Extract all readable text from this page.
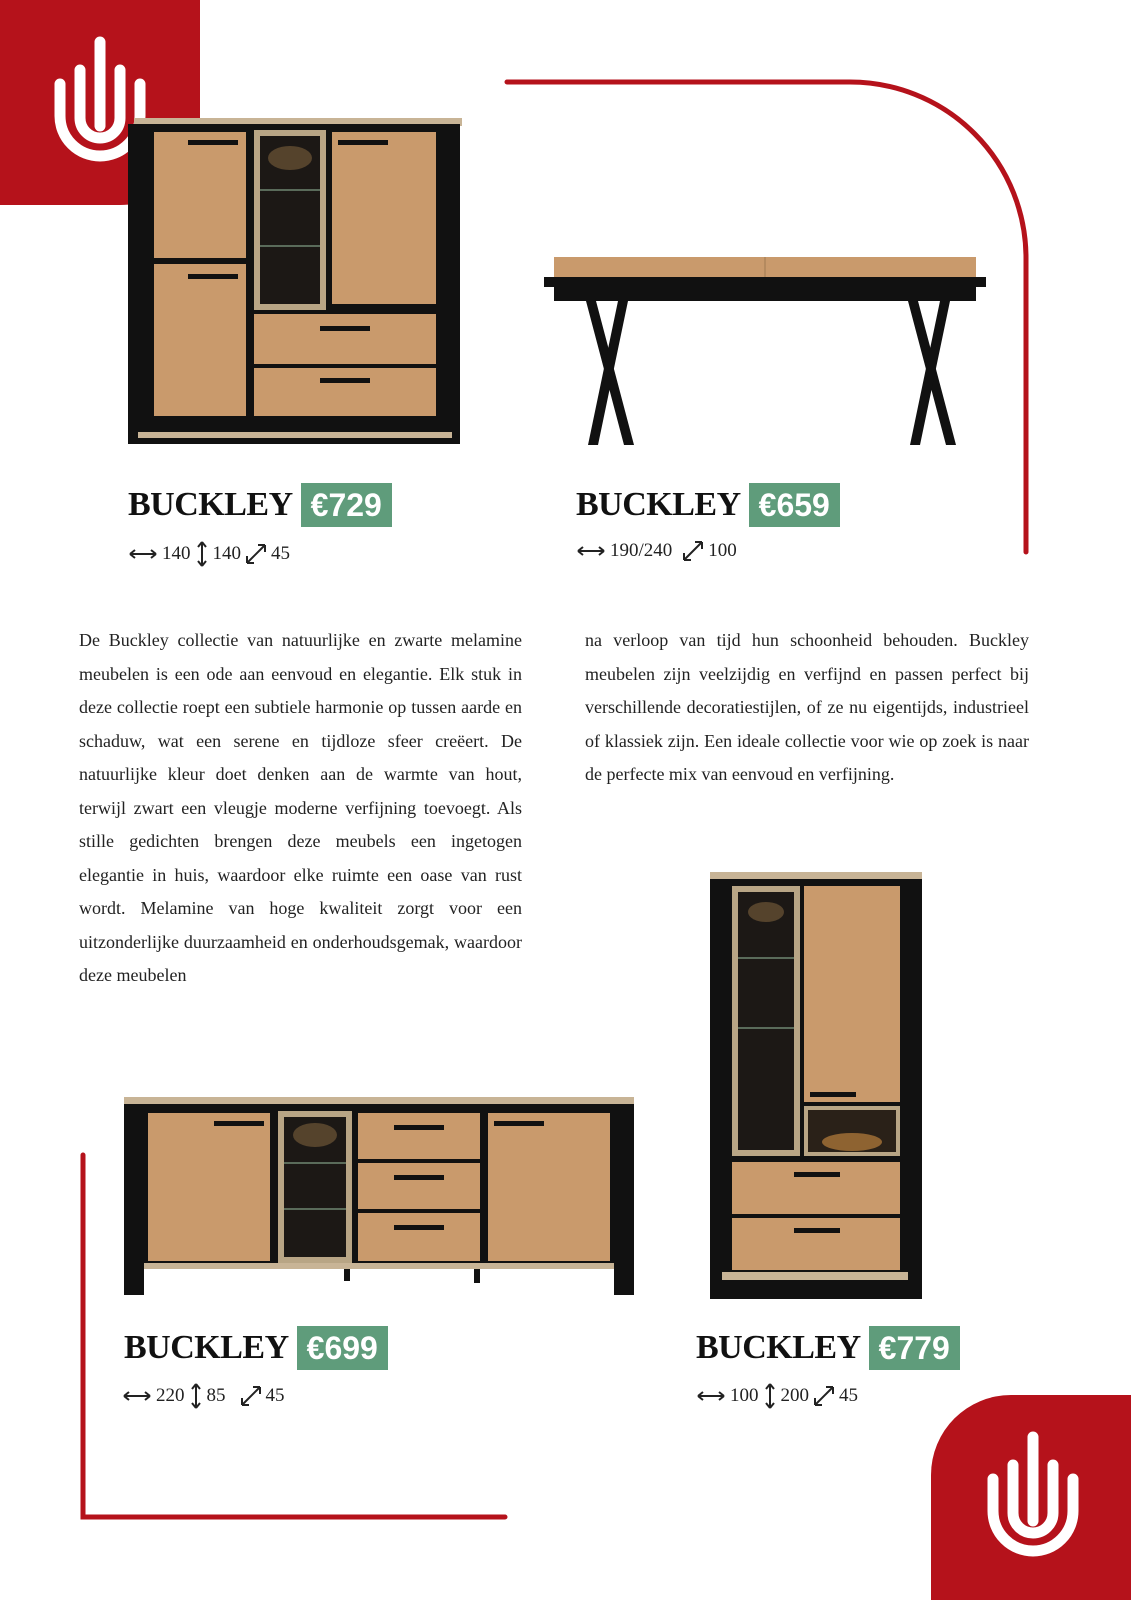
BUCKLEY €729
140 140 45
BUCKLEY €659
190/240 100

De Buckley collectie van natuurlijke en zwarte melamine meubelen is een ode aan eenvoud en elegantie. Elk stuk in deze collectie roept een subtiele harmonie op tussen aarde en schaduw, wat een serene en tijdloze sfeer creëert. De natuurlijke kleur doet denken aan de warmte van hout, terwijl zwart een vleugje moderne verfijning toevoegt. Als stille gedichten brengen deze meubels een ingetogen elegantie in huis, waardoor elke ruimte een oase van rust wordt. Melamine van hoge kwaliteit zorgt voor een uitzonderlijke duurzaamheid en onderhoudsgemak, waardoor deze meubelen

na verloop van tijd hun schoonheid behouden. Buckley meubelen zijn veelzijdig en verfijnd en passen perfect bij verschillende decoratiestijlen, of ze nu eigentijds, industrieel of klassiek zijn. Een ideale collectie voor wie op zoek is naar de perfecte mix van eenvoud en verfijning.

BUCKLEY €699
220 85 45
BUCKLEY €779
100 200 45
